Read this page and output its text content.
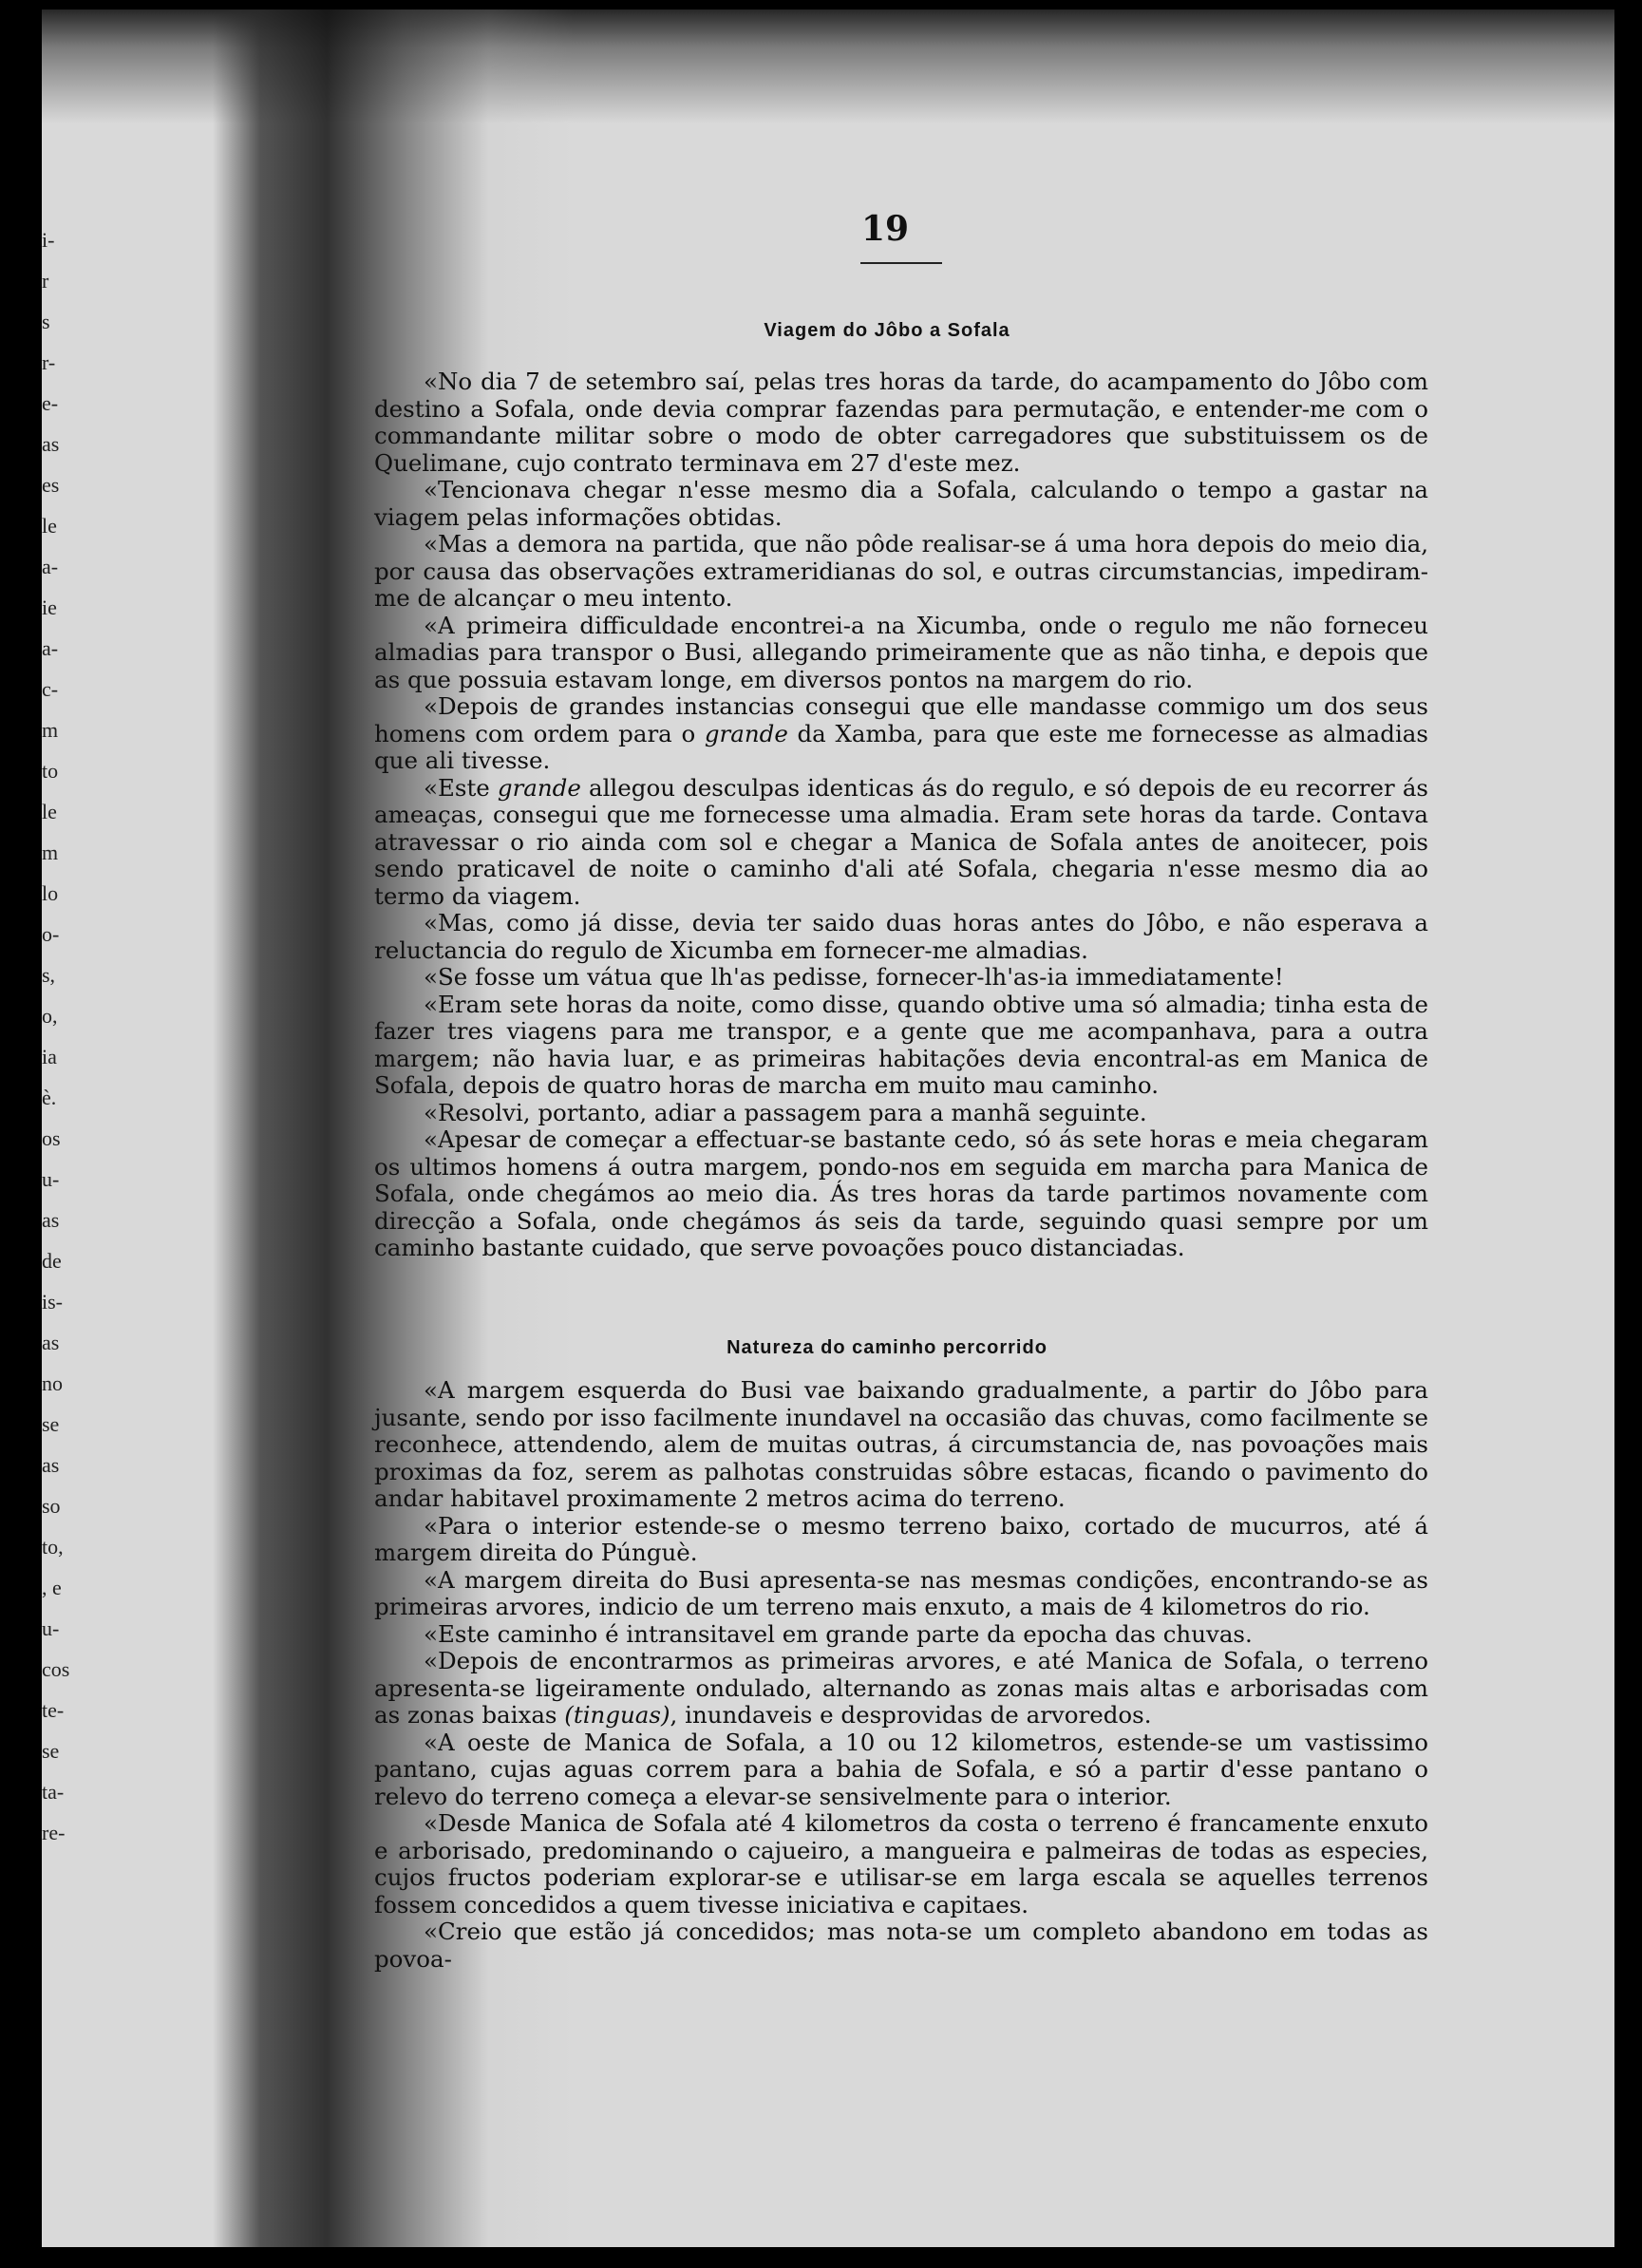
i-
r
s
r-
e-
as
es
le
a-
ie
a-
c-
m
to
le
m
lo
o-
s,
o,
ia
è.
os
u-
as
de
is-
as
no
se
as
so
to,
, e
u-
cos
te-
se
ta-
re-
19
Viagem do Jôbo a Sofala

«No dia 7 de setembro saí, pelas tres horas da tarde, do acampamento do Jôbo com destino a Sofala, onde devia comprar fazendas para permutação, e entender-me com o commandante militar sobre o modo de obter carregadores que substituissem os de Quelimane, cujo contrato terminava em 27 d'este mez.

«Tencionava chegar n'esse mesmo dia a Sofala, calculando o tempo a gastar na viagem pelas informações obtidas.

«Mas a demora na partida, que não pôde realisar-se á uma hora depois do meio dia, por causa das observações extrameridianas do sol, e outras circumstancias, impediram-me de alcançar o meu intento.

«A primeira difficuldade encontrei-a na Xicumba, onde o regulo me não forneceu almadias para transpor o Busi, allegando primeiramente que as não tinha, e depois que as que possuia estavam longe, em diversos pontos na margem do rio.

«Depois de grandes instancias consegui que elle mandasse commigo um dos seus homens com ordem para o grande da Xamba, para que este me fornecesse as almadias que ali tivesse.

«Este grande allegou desculpas identicas ás do regulo, e só depois de eu recorrer ás ameaças, consegui que me fornecesse uma almadia. Eram sete horas da tarde. Contava atravessar o rio ainda com sol e chegar a Manica de Sofala antes de anoitecer, pois sendo praticavel de noite o caminho d'ali até Sofala, chegaria n'esse mesmo dia ao termo da viagem.

«Mas, como já disse, devia ter saido duas horas antes do Jôbo, e não esperava a reluctancia do regulo de Xicumba em fornecer-me almadias.

«Se fosse um vátua que lh'as pedisse, fornecer-lh'as-ia immediatamente!

«Eram sete horas da noite, como disse, quando obtive uma só almadia; tinha esta de fazer tres viagens para me transpor, e a gente que me acompanhava, para a outra margem; não havia luar, e as primeiras habitações devia encontral-as em Manica de Sofala, depois de quatro horas de marcha em muito mau caminho.

«Resolvi, portanto, adiar a passagem para a manhã seguinte.

«Apesar de começar a effectuar-se bastante cedo, só ás sete horas e meia chegaram os ultimos homens á outra margem, pondo-nos em seguida em marcha para Manica de Sofala, onde chegámos ao meio dia. Ás tres horas da tarde partimos novamente com direcção a Sofala, onde chegámos ás seis da tarde, seguindo quasi sempre por um caminho bastante cuidado, que serve povoações pouco distanciadas.

Natureza do caminho percorrido

«A margem esquerda do Busi vae baixando gradualmente, a partir do Jôbo para jusante, sendo por isso facilmente inundavel na occasião das chuvas, como facilmente se reconhece, attendendo, alem de muitas outras, á circumstancia de, nas povoações mais proximas da foz, serem as palhotas construidas sôbre estacas, ficando o pavimento do andar habitavel proximamente 2 metros acima do terreno.

«Para o interior estende-se o mesmo terreno baixo, cortado de mucurros, até á margem direita do Púnguè.

«A margem direita do Busi apresenta-se nas mesmas condições, encontrando-se as primeiras arvores, indicio de um terreno mais enxuto, a mais de 4 kilometros do rio.

«Este caminho é intransitavel em grande parte da epocha das chuvas.

«Depois de encontrarmos as primeiras arvores, e até Manica de Sofala, o terreno apresenta-se ligeiramente ondulado, alternando as zonas mais altas e arborisadas com as zonas baixas (tinguas), inundaveis e desprovidas de arvoredos.

«A oeste de Manica de Sofala, a 10 ou 12 kilometros, estende-se um vastissimo pantano, cujas aguas correm para a bahia de Sofala, e só a partir d'esse pantano o relevo do terreno começa a elevar-se sensivelmente para o interior.

«Desde Manica de Sofala até 4 kilometros da costa o terreno é francamente enxuto e arborisado, predominando o cajueiro, a mangueira e palmeiras de todas as especies, cujos fructos poderiam explorar-se e utilisar-se em larga escala se aquelles terrenos fossem concedidos a quem tivesse iniciativa e capitaes.

«Creio que estão já concedidos; mas nota-se um completo abandono em todas as povoa-
